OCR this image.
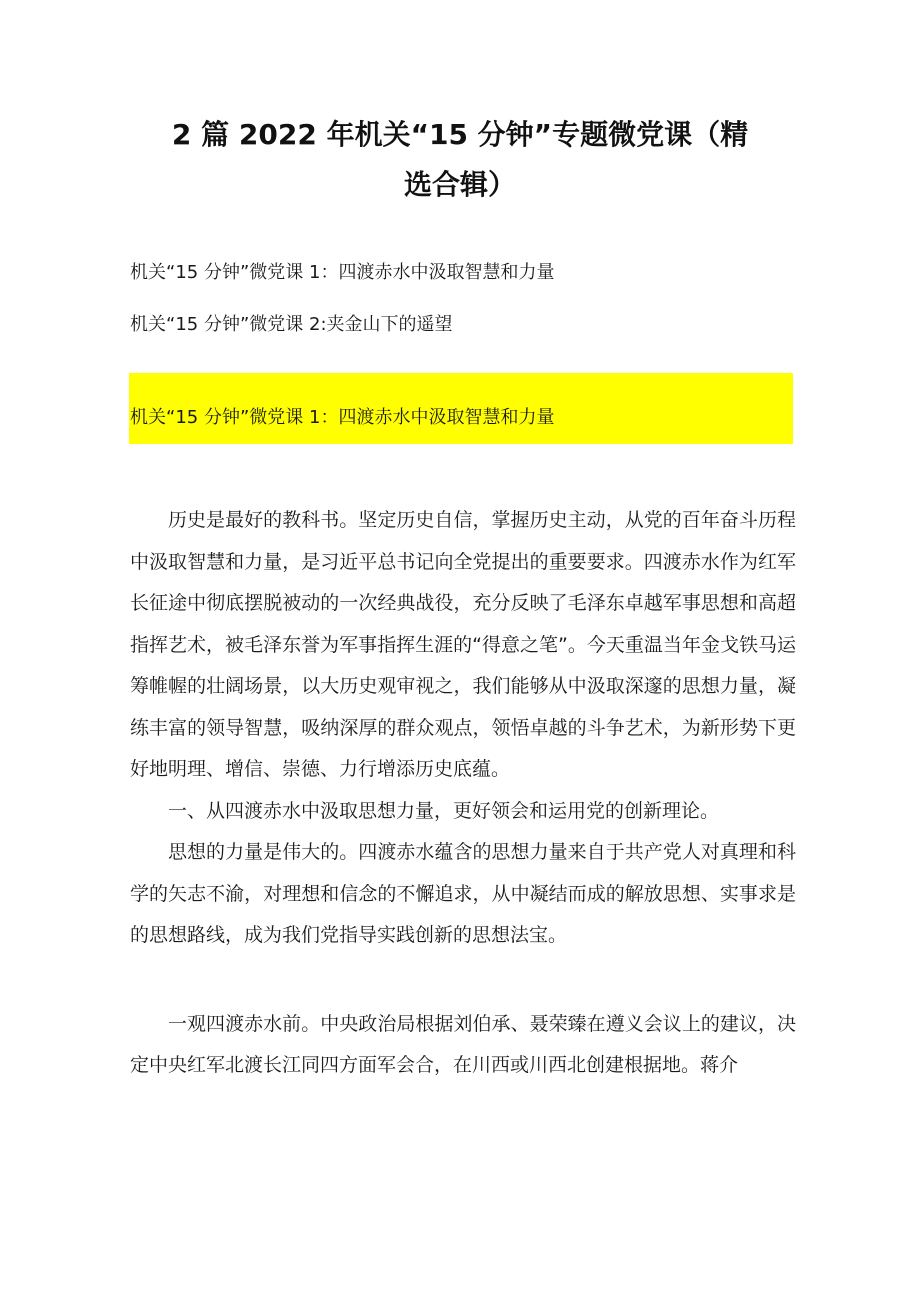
2 篇 2022 年机关“15 分钟”专题微党课（精
选合辑）
机关“15 分钟”微党课 1：四渡赤水中汲取智慧和力量
机关“15 分钟”微党课 2:夹金山下的遥望
机关“15 分钟”微党课 1：四渡赤水中汲取智慧和力量

历史是最好的教科书。坚定历史自信，掌握历史主动，从党的百年奋斗历程中汲取智慧和力量，是习近平总书记向全党提出的重要要求。四渡赤水作为红军长征途中彻底摆脱被动的一次经典战役，充分反映了毛泽东卓越军事思想和高超指挥艺术，被毛泽东誉为军事指挥生涯的“得意之笔”。今天重温当年金戈铁马运筹帷幄的壮阔场景，以大历史观审视之，我们能够从中汲取深邃的思想力量，凝练丰富的领导智慧，吸纳深厚的群众观点，领悟卓越的斗争艺术，为新形势下更好地明理、增信、崇德、力行增添历史底蕴。

一、从四渡赤水中汲取思想力量，更好领会和运用党的创新理论。

思想的力量是伟大的。四渡赤水蕴含的思想力量来自于共产党人对真理和科学的矢志不渝，对理想和信念的不懈追求，从中凝结而成的解放思想、实事求是的思想路线，成为我们党指导实践创新的思想法宝。

一观四渡赤水前。中央政治局根据刘伯承、聂荣臻在遵义会议上的建议，决定中央红军北渡长江同四方面军会合，在川西或川西北创建根据地。蒋介
